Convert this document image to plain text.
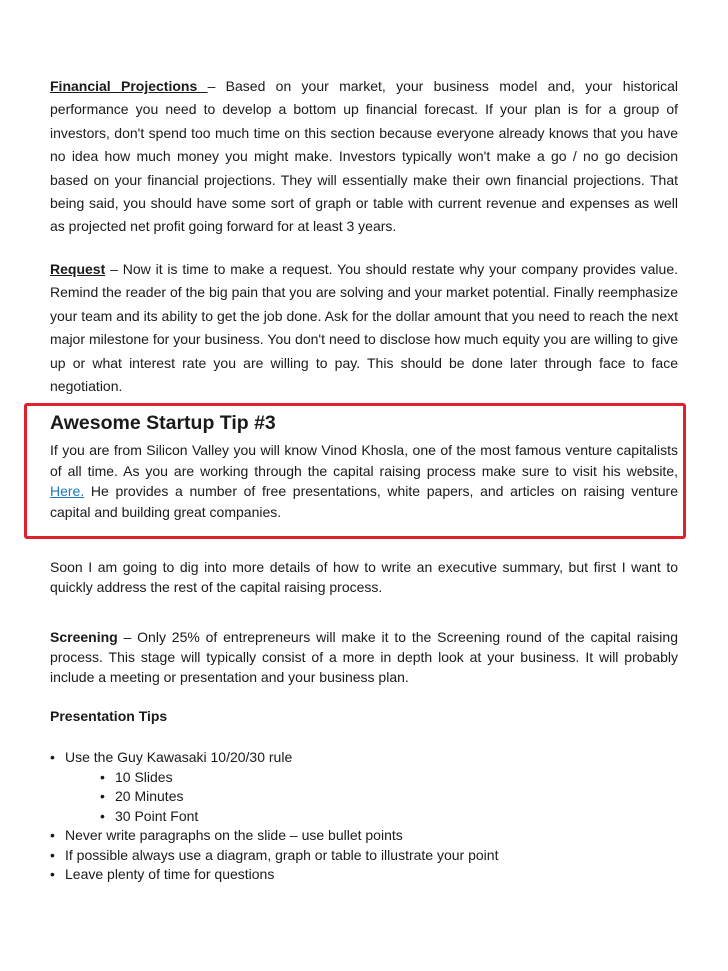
Financial Projections – Based on your market, your business model and, your historical performance you need to develop a bottom up financial forecast. If your plan is for a group of investors, don't spend too much time on this section because everyone already knows that you have no idea how much money you might make. Investors typically won't make a go / no go decision based on your financial projections. They will essentially make their own financial projections. That being said, you should have some sort of graph or table with current revenue and expenses as well as projected net profit going forward for at least 3 years.

Request – Now it is time to make a request. You should restate why your company provides value. Remind the reader of the big pain that you are solving and your market potential. Finally reemphasize your team and its ability to get the job done. Ask for the dollar amount that you need to reach the next major milestone for your business. You don't need to disclose how much equity you are willing to give up or what interest rate you are willing to pay. This should be done later through face to face negotiation.

Awesome Startup Tip #3

If you are from Silicon Valley you will know Vinod Khosla, one of the most famous venture capitalists of all time. As you are working through the capital raising process make sure to visit his website, Here. He provides a number of free presentations, white papers, and articles on raising venture capital and building great companies.

Soon I am going to dig into more details of how to write an executive summary, but first I want to quickly address the rest of the capital raising process.

Screening – Only 25% of entrepreneurs will make it to the Screening round of the capital raising process. This stage will typically consist of a more in depth look at your business. It will probably include a meeting or presentation and your business plan.

Presentation Tips

• Use the Guy Kawasaki 10/20/30 rule
• 10 Slides
• 20 Minutes
• 30 Point Font
• Never write paragraphs on the slide – use bullet points
• If possible always use a diagram, graph or table to illustrate your point
• Leave plenty of time for questions
